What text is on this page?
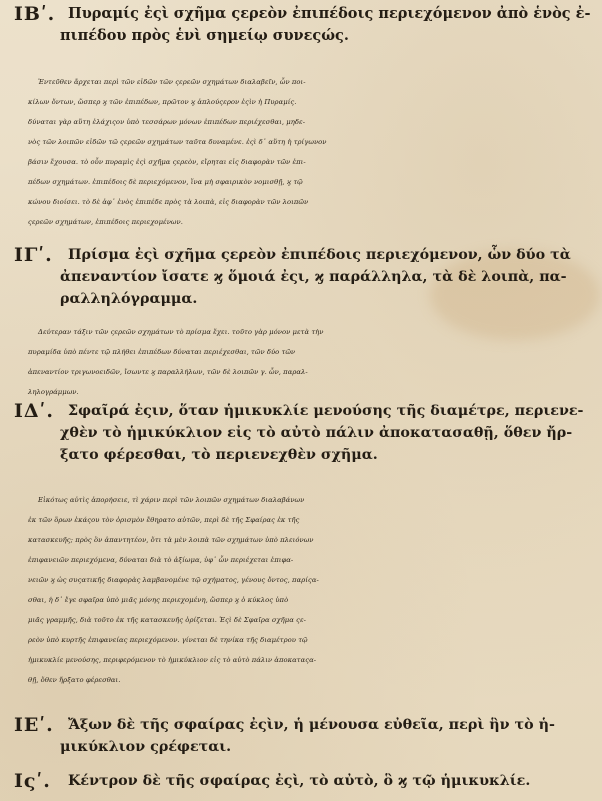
ΙΒʹ. Πυραμίς ἐςὶ σχῆμα ςερεὸν ἐπιπέδοις περιεχόμενον ἀπὸ ἑνὸς ἐ-
πιπέδου πρὸς ἑνὶ σημείῳ συνεςώς.
Ἐντεῦθεν ἄρχεται περὶ τῶν εἰδῶν τῶν ςερεῶν σχημάτων διαλαβεῖν, ὧν ποι-
κίλων ὄντων, ὥσπερ ϗ τῶν ἐπιπέδων, πρῶτον ϗ ἁπλούςερον ἐςὶν ἡ Πυραμίς.
δύναται γὰρ αὕτη ἐλάχιςον ὑπὸ τεσσάρων μόνων ἐπιπέδων περιέχεσθαι, μηδε-
νὸς τῶν λοιπῶν εἰδῶν τῶ ςερεῶν σχημάτων ταῦτα δυναμένε. ἐςὶ δ᾽ αὕτη ἡ τρίγωνον
βάσιν ἔχουσα. τὸ οὖν πυραμὶς ἐςὶ σχῆμα ςερεὸν, εἴρηται εἰς διαφορὰν τῶν ἐπι-
πέδων σχημάτων. ἐπιπέδοις δὲ περιεχόμενον, ἵνα μὴ σφαιρικὸν νομισθῇ, ϗ τῷ
κώνου διοίσει. τὸ δὲ ἀφ᾽ ἑνὸς ἐπιπέδε πρὸς τὰ λοιπὰ, εἰς διαφορὰν τῶν λοιπῶν
ςερεῶν σχημάτων, ἐπιπέδοις περιεχομένων.
ΙΓʹ.	Πρίσμα ἐςὶ σχῆμα ςερεὸν ἐπιπέδοις περιεχόμενον, ὧν δύο τὰ
ἀπεναντίον ἴσατε ϗ ὅμοιά ἐςι, ϗ παράλληλα, τὰ δὲ λοιπὰ, πα-
ραλληλόγραμμα.
Δεύτεραν τάξιν τῶν ςερεῶν σχημάτων τὸ πρίσμα ἔχει. τοῦτο γὰρ μόνον μετὰ τὴν
πυραμίδα ὑπὸ πέντε τῷ πλήθει ἐπιπέδων δύναται περιέχεσθαι, τῶν δύο τῶν
ἀπεναντίον τριγωνοειδῶν, ἴσωντε ϗ παραλλήλων, τῶν δὲ λοιπῶν γ. ὧν, παραλ-
ληλογράμμων.
ΙΔʹ. Σφαῖρά ἐςιν, ὅταν ἡμικυκλίε μενούσης τῆς διαμέτρε, περιενε-
χθὲν τὸ ἡμικύκλιον εἰς τὸ αὐτὸ πάλιν ἀποκατασαθῇ, ὅθεν ἤρ-
ξατο φέρεσθαι, τὸ περιενεχθὲν σχῆμα.
Εἰκότως αὐτὶς ἀπορήσειε, τὶ χάριν περὶ τῶν λοιπῶν σχημάτων διαλαβάνων
ἐκ τῶν ὅρων ἑκάςου τὸν ὁρισμὸν ἔθηρατο αὐτῶν, περὶ δὲ τῆς Σφαίρας ἐκ τῆς
κατασκευῆς; πρὸς ὃν ἀπαντητέον, ὅτι τὰ μὲν λοιπὰ τῶν σχημάτων ὑπὸ πλειόνων
ἐπιφανειῶν περιεχόμενα, δύναται διὰ τὸ ἀξίωμα, ὑφ᾽ ὧν περιέχεται ἐπιφα-
νειῶν ϗ ὡς συςατικῆς διαφορὰς λαμβανομένε τῷ σχήματος, γένους ὄντος, παρίςα-
σθαι, ἡ δ᾽ ἔγε σφαῖρα ὑπὸ μιᾶς μόνης περιεχομένη, ὥσπερ ϗ ὁ κύκλος ὑπὸ
μιᾶς γραμμῆς, διὰ τοῦτο ἐκ τῆς κατασκευῆς ὁρίζεται. Ἐςὶ δὲ Σφαῖρα σχῆμα ςε-
ρεὸν ὑπὸ κυρτῆς ἐπιφανείας περιεχόμενον. γίνεται δὲ τηνίκα τῆς διαμέτρου τῷ
ἡμικυκλίε μενούσης, περιφερόμενον τὸ ἡμικύκλιον εἰς τὸ αὐτὸ πάλιν ἀποκαταςα-
θῇ, ὅθεν ἤρξατο φέρεσθαι.
ΙΕʹ. Ἄξων δὲ τῆς σφαίρας ἐςὶν, ἡ μένουσα εὐθεῖα, περὶ ἣν τὸ ἡ-
μικύκλιον ςρέφεται.
Ιςʹ.	Κέντρον δὲ τῆς σφαίρας ἐςὶ, τὸ αὐτὸ, ὃ ϗ τῷ ἡμικυκλίε.
